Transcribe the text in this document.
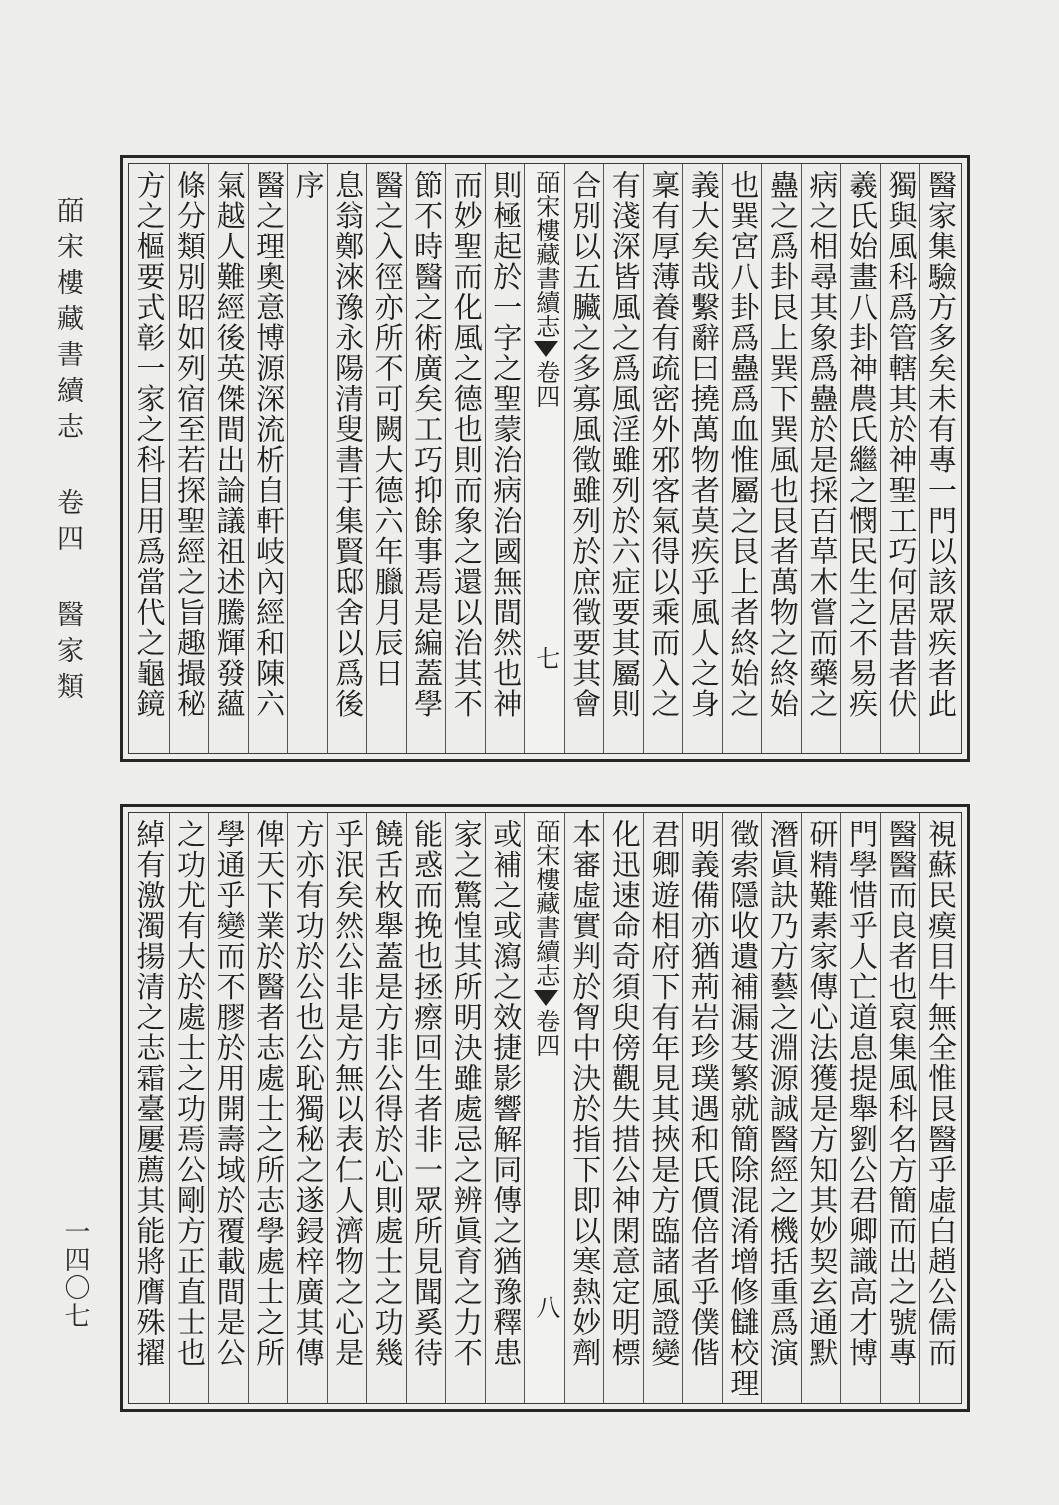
皕宋樓藏書續志卷四醫家類
一四〇七
醫家集驗方多矣未有專一門以該眾疾者此
獨與風科爲管轄其於神聖工巧何居昔者伏
羲氏始畫八卦神農氏繼之憫民生之不易疾
病之相尋其象爲蠱於是採百草木嘗而藥之
蠱之爲卦艮上巽下巽風也艮者萬物之終始
也巽宮八卦爲蠱爲血惟屬之艮上者終始之
義大矣哉繫辭曰撓萬物者莫疾乎風人之身
稟有厚薄養有疏密外邪客氣得以乘而入之
有淺深皆風之爲風淫雖列於六症要其屬則
合別以五臟之多寡風徵雖列於庶徵要其會
皕宋樓藏書續志卷四
七
則極起於一字之聖蒙治病治國無間然也神
而妙聖而化風之德也則而象之還以治其不
節不時醫之術廣矣工巧抑餘事焉是編蓋學
醫之入徑亦所不可闕大德六年臘月辰日
息翁鄭淶豫永陽清叟書于集賢邸舍以爲後
序
醫之理奧意博源深流析自軒岐內經和陳六
氣越人難經後英傑間出論議祖述騰輝發蘊
條分類別昭如列宿至若探聖經之旨趣撮秘
方之樞要式彰一家之科目用爲當代之龜鏡
視蘇民瘼目牛無全惟艮醫乎虛白趙公儒而
醫醫而良者也裒集風科名方簡而出之號專
門學惜乎人亡道息提舉劉公君卿識高才博
研精難素家傳心法獲是方知其妙契玄通默
潛眞訣乃方藝之淵源誠醫經之機括重爲演
徵索隱收遺補漏芟繁就簡除混淆增修讎校理
明義備亦猶荊岩珍璞遇和氏價倍者乎僕偕
君卿遊相府下有年見其挾是方臨諸風證變
化迅速命奇須臾傍觀失措公神閑意定明標
本審虛實判於胷中決於指下即以寒熱妙劑
皕宋樓藏書續志卷四
八
或補之或瀉之效捷影響解同傳之猶豫釋患
家之驚惶其所明決雖處忌之辨眞育之力不
能惑而挽也拯瘵回生者非一眾所見聞奚待
饒舌枚舉蓋是方非公得於心則處士之功幾
乎泯矣然公非是方無以表仁人濟物之心是
方亦有功於公也公恥獨秘之遂鋟梓廣其傳
俾天下業於醫者志處士之所志學處士之所
學通乎變而不膠於用開壽域於覆載間是公
之功尤有大於處士之功焉公剛方正直士也
綽有激濁揚清之志霜臺屢薦其能將膺殊擢
